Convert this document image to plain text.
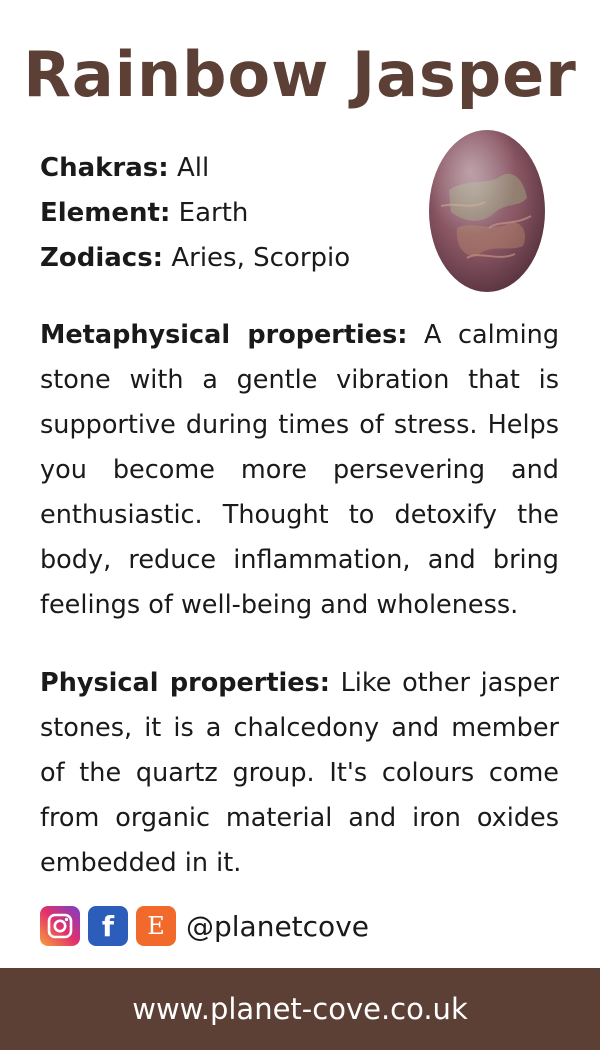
Rainbow Jasper
Chakras: All
Element: Earth
Zodiacs: Aries, Scorpio
Metaphysical properties: A calming stone with a gentle vibration that is supportive during times of stress. Helps you become more persevering and enthusiastic. Thought to detoxify the body, reduce inflammation, and bring feelings of well-being and wholeness.
Physical properties: Like other jasper stones, it is a chalcedony and member of the quartz group. It's colours come from organic material and iron oxides embedded in it.
f	E @planetcove
www.planet-cove.co.uk
